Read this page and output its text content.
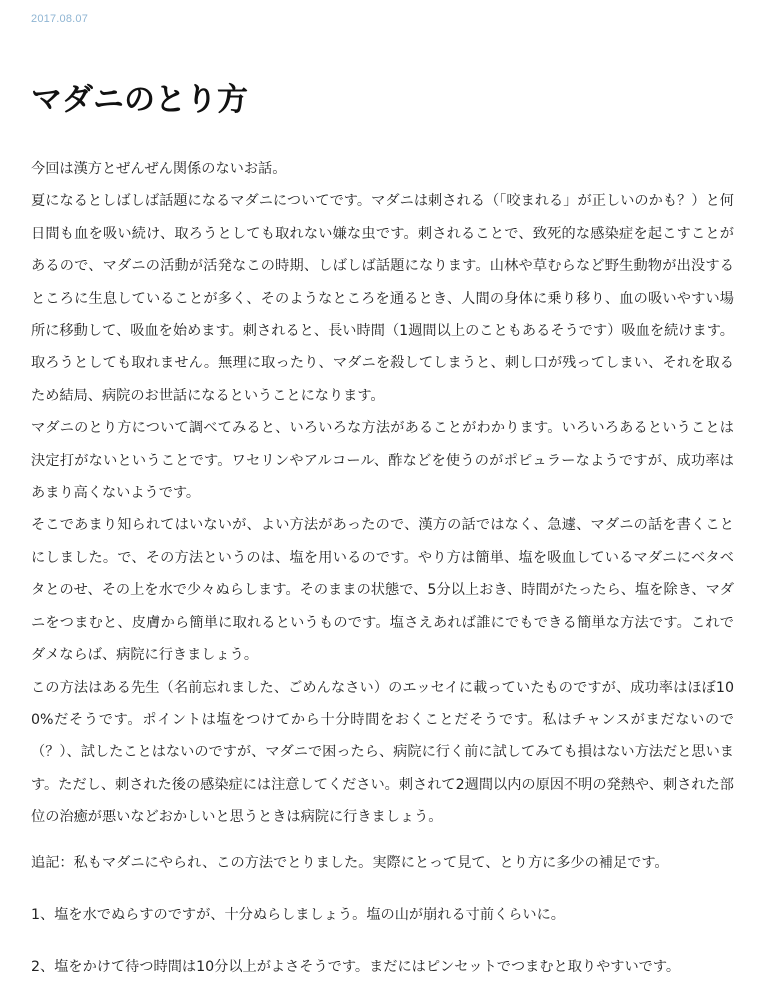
2017.08.07
マダニのとり方

今回は漢方とぜんぜん関係のないお話。

夏になるとしばしば話題になるマダニについてです。マダニは刺される（「咬まれる」が正しいのかも？）と何日間も血を吸い続け、取ろうとしても取れない嫌な虫です。刺されることで、致死的な感染症を起こすことがあるので、マダニの活動が活発なこの時期、しばしば話題になります。山林や草むらなど野生動物が出没するところに生息していることが多く、そのようなところを通るとき、人間の身体に乗り移り、血の吸いやすい場所に移動して、吸血を始めます。刺されると、長い時間（1週間以上のこともあるそうです）吸血を続けます。取ろうとしても取れません。無理に取ったり、マダニを殺してしまうと、刺し口が残ってしまい、それを取るため結局、病院のお世話になるということになります。

マダニのとり方について調べてみると、いろいろな方法があることがわかります。いろいろあるということは決定打がないということです。ワセリンやアルコール、酢などを使うのがポピュラーなようですが、成功率はあまり高くないようです。

そこであまり知られてはいないが、よい方法があったので、漢方の話ではなく、急遽、マダニの話を書くことにしました。で、その方法というのは、塩を用いるのです。やり方は簡単、塩を吸血しているマダニにベタベタとのせ、その上を水で少々ぬらします。そのままの状態で、5分以上おき、時間がたったら、塩を除き、マダニをつまむと、皮膚から簡単に取れるというものです。塩さえあれば誰にでもできる簡単な方法です。これでダメならば、病院に行きましょう。

この方法はある先生（名前忘れました、ごめんなさい）のエッセイに載っていたものですが、成功率はほぼ100%だそうです。ポイントは塩をつけてから十分時間をおくことだそうです。私はチャンスがまだないので（？）、試したことはないのですが、マダニで困ったら、病院に行く前に試してみても損はない方法だと思います。ただし、刺された後の感染症には注意してください。刺されて2週間以内の原因不明の発熱や、刺された部位の治癒が悪いなどおかしいと思うときは病院に行きましょう。

追記：私もマダニにやられ、この方法でとりました。実際にとって見て、とり方に多少の補足です。

1、塩を水でぬらすのですが、十分ぬらしましょう。塩の山が崩れる寸前くらいに。

2、塩をかけて待つ時間は10分以上がよさそうです。まだにはピンセットでつまむと取りやすいです。
